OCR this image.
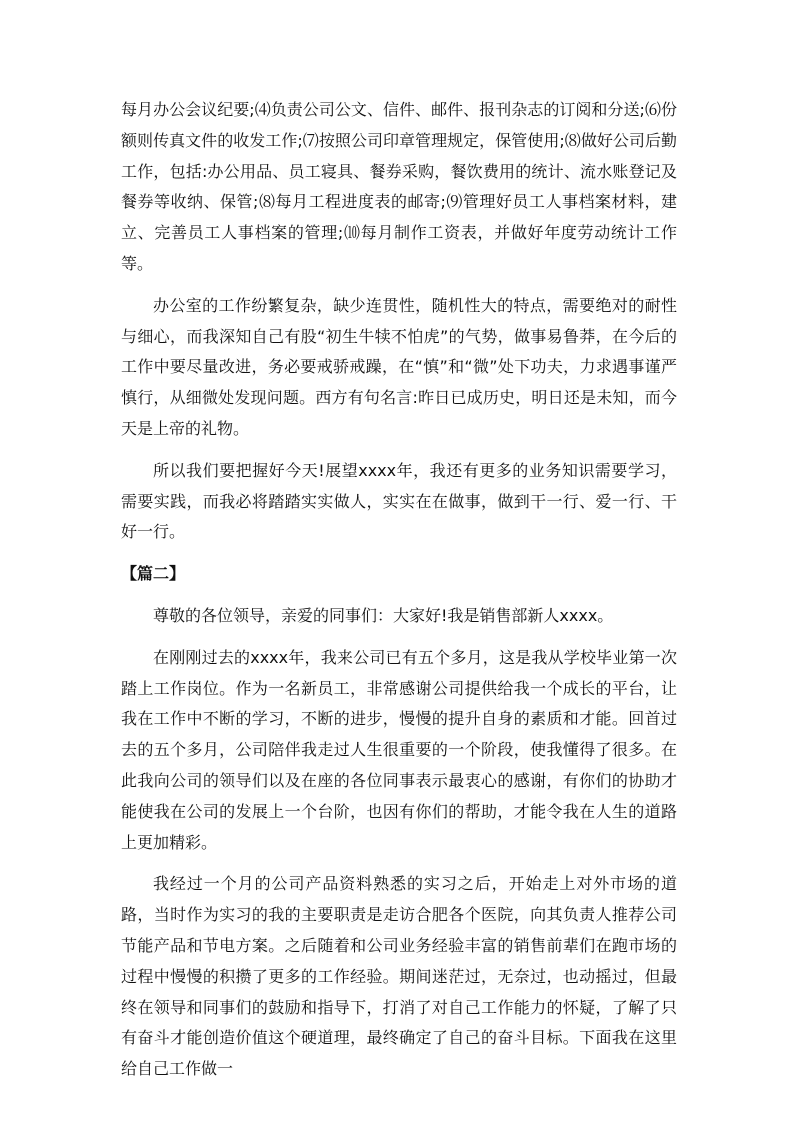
每月办公会议纪要;⑷负责公司公文、信件、邮件、报刊杂志的订阅和分送;⑹份额则传真文件的收发工作;⑺按照公司印章管理规定，保管使用;⑻做好公司后勤工作，包括:办公用品、员工寝具、餐券采购，餐饮费用的统计、流水账登记及餐券等收纳、保管;⑻每月工程进度表的邮寄;⑼管理好员工人事档案材料，建立、完善员工人事档案的管理;⑽每月制作工资表，并做好年度劳动统计工作等。

办公室的工作纷繁复杂，缺少连贯性，随机性大的特点，需要绝对的耐性与细心，而我深知自己有股“初生牛犊不怕虎”的气势，做事易鲁莽，在今后的工作中要尽量改进，务必要戒骄戒躁，在“慎”和“微”处下功夫，力求遇事谨严慎行，从细微处发现问题。西方有句名言:昨日已成历史，明日还是未知，而今天是上帝的礼物。

所以我们要把握好今天!展望xxxx年，我还有更多的业务知识需要学习，需要实践，而我必将踏踏实实做人，实实在在做事，做到干一行、爱一行、干好一行。

【篇二】

尊敬的各位领导，亲爱的同事们：大家好!我是销售部新人xxxx。

在刚刚过去的xxxx年，我来公司已有五个多月，这是我从学校毕业第一次踏上工作岗位。作为一名新员工，非常感谢公司提供给我一个成长的平台，让我在工作中不断的学习，不断的进步，慢慢的提升自身的素质和才能。回首过去的五个多月，公司陪伴我走过人生很重要的一个阶段，使我懂得了很多。在此我向公司的领导们以及在座的各位同事表示最衷心的感谢，有你们的协助才能使我在公司的发展上一个台阶，也因有你们的帮助，才能令我在人生的道路上更加精彩。

我经过一个月的公司产品资料熟悉的实习之后，开始走上对外市场的道路，当时作为实习的我的主要职责是走访合肥各个医院，向其负责人推荐公司节能产品和节电方案。之后随着和公司业务经验丰富的销售前辈们在跑市场的过程中慢慢的积攒了更多的工作经验。期间迷茫过，无奈过，也动摇过，但最终在领导和同事们的鼓励和指导下，打消了对自己工作能力的怀疑，了解了只有奋斗才能创造价值这个硬道理，最终确定了自己的奋斗目标。下面我在这里给自己工作做一
